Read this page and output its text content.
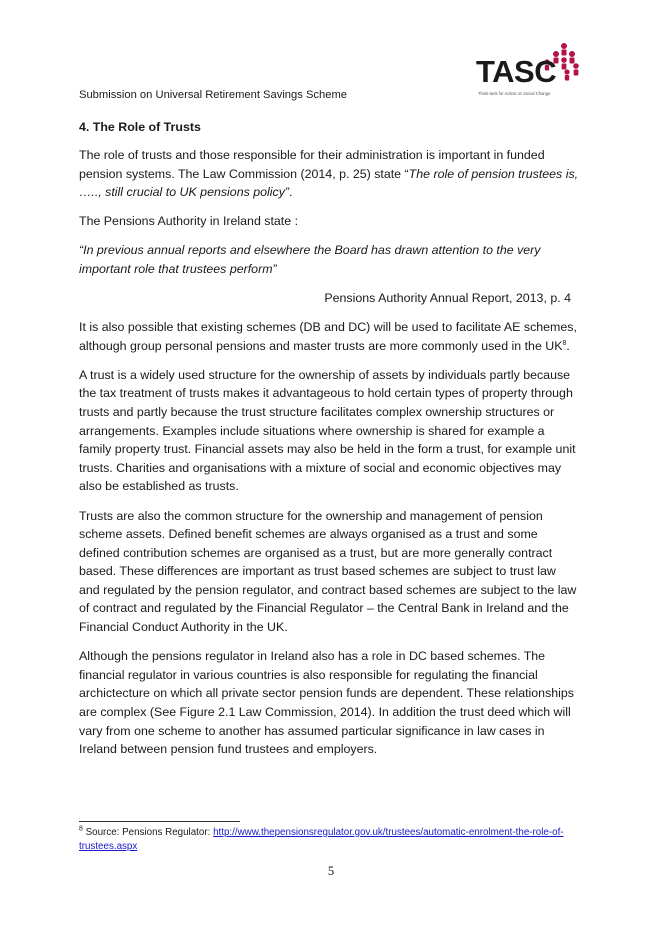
Submission on Universal Retirement Savings Scheme
TASC
Think-tank for Action on Social Change
4. The Role of Trusts

The role of trusts and those responsible for their administration is important in funded pension systems. The Law Commission (2014, p. 25) state “The role of pension trustees is, ….., still crucial to UK pensions policy”.

The Pensions Authority in Ireland state :

“In previous annual reports and elsewhere the Board has drawn attention to the very important role that trustees perform”

Pensions Authority Annual Report, 2013, p. 4

It is also possible that existing schemes (DB and DC) will be used to facilitate AE schemes, although group personal pensions and master trusts are more commonly used in the $UK^8$.

A trust is a widely used structure for the ownership of assets by individuals partly because the tax treatment of trusts makes it advantageous to hold certain types of property through trusts and partly because the trust structure facilitates complex ownership structures or arrangements. Examples include situations where ownership is shared for example a family property trust. Financial assets may also be held in the form a trust, for example unit trusts. Charities and organisations with a mixture of social and economic objectives may also be established as trusts.

Trusts are also the common structure for the ownership and management of pension scheme assets. Defined benefit schemes are always organised as a trust and some defined contribution schemes are organised as a trust, but are more generally contract based. These differences are important as trust based schemes are subject to trust law and regulated by the pension regulator, and contract based schemes are subject to the law of contract and regulated by the Financial Regulator – the Central Bank in Ireland and the Financial Conduct Authority in the UK.

Although the pensions regulator in Ireland also has a role in DC based schemes. The financial regulator in various countries is also responsible for regulating the financial archictecture on which all private sector pension funds are dependent. These relationships are complex (See Figure 2.1 Law Commission, 2014). In addition the trust deed which will vary from one scheme to another has assumed particular significance in law cases in Ireland between pension fund trustees and employers.

$^8$ Source: Pensions Regulator: http://www.thepensionsregulator.gov.uk/trustees/automatic-enrolment-the-role-of-trustees.aspx
5
